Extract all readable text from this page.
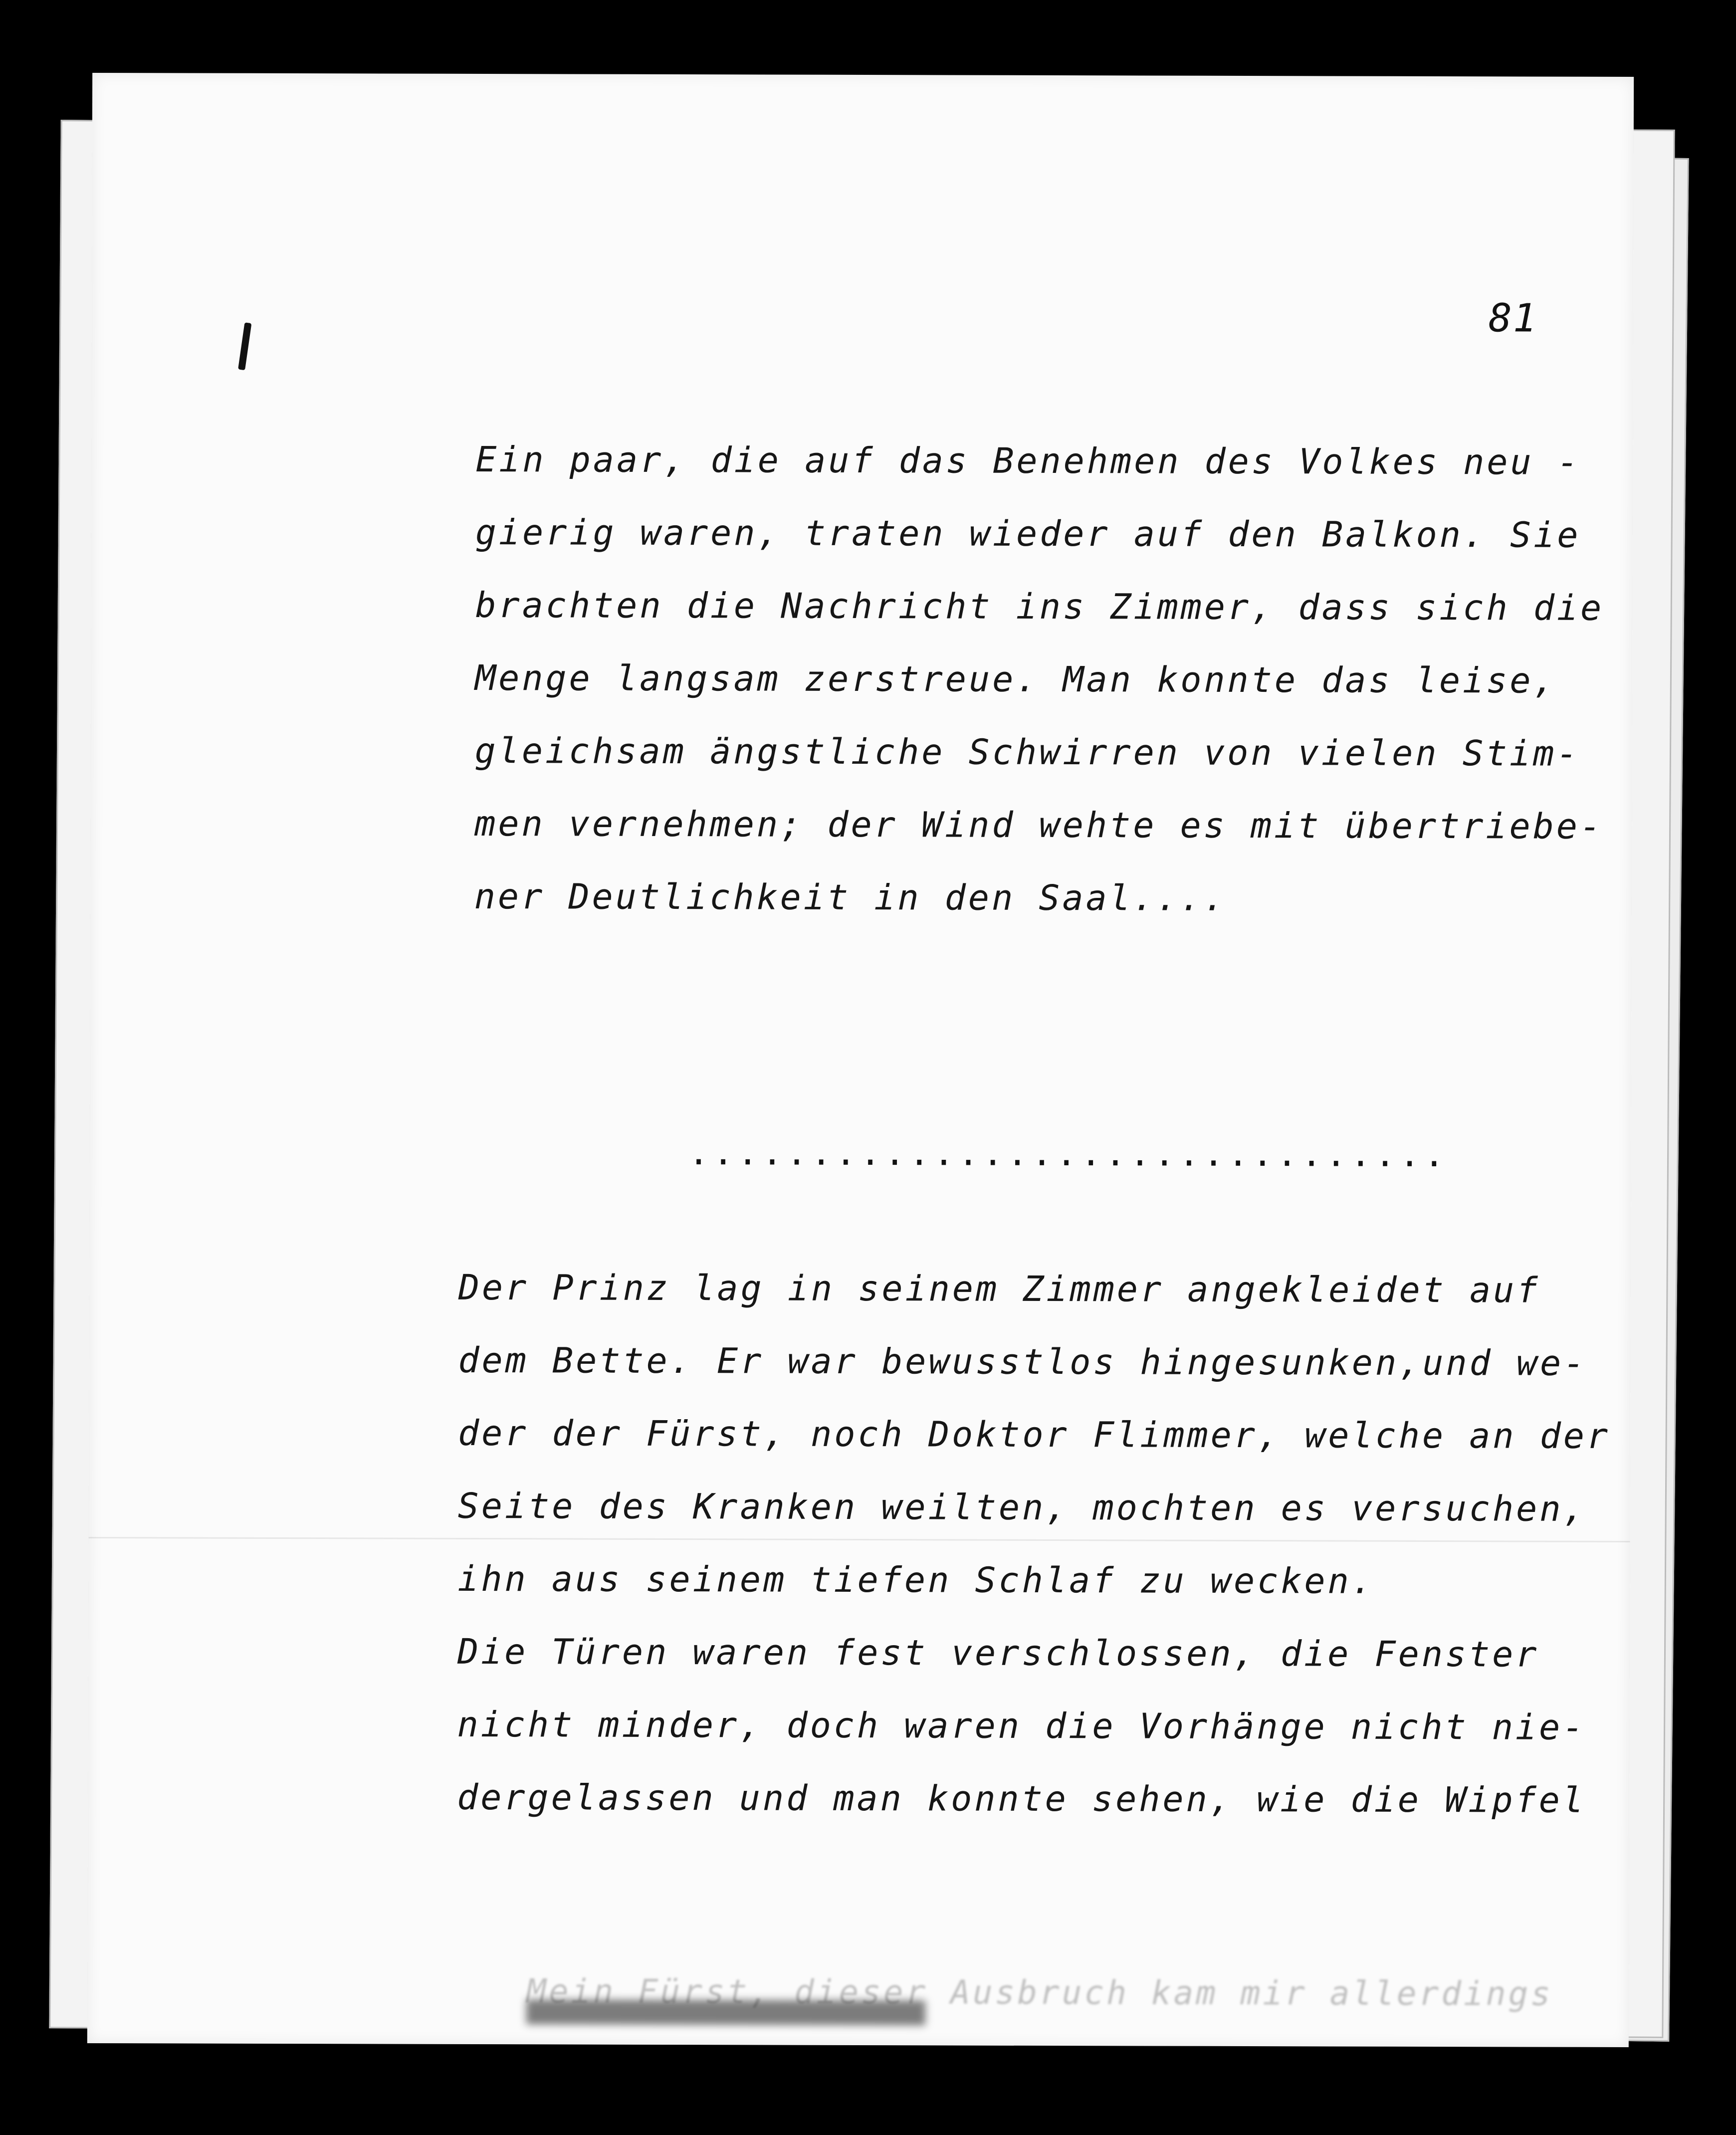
81
Ein paar, die auf das Benehmen des Volkes neu -
gierig waren, traten wieder auf den Balkon. Sie
brachten die Nachricht ins Zimmer, dass sich die
Menge langsam zerstreue. Man konnte das leise,
gleichsam ängstliche Schwirren von vielen Stim-
men vernehmen; der Wind wehte es mit übertriebe-
ner Deutlichkeit in den Saal....
...............................
Der Prinz lag in seinem Zimmer angekleidet auf
dem Bette. Er war bewusstlos hingesunken,und we-
der der Fürst, noch Doktor Flimmer, welche an der
Seite des Kranken weilten, mochten es versuchen,
ihn aus seinem tiefen Schlaf zu wecken.
Die Türen waren fest verschlossen, die Fenster
nicht minder, doch waren die Vorhänge nicht nie-
dergelassen und man konnte sehen, wie die Wipfel
Mein Fürst, dieser Ausbruch kam mir allerdings
